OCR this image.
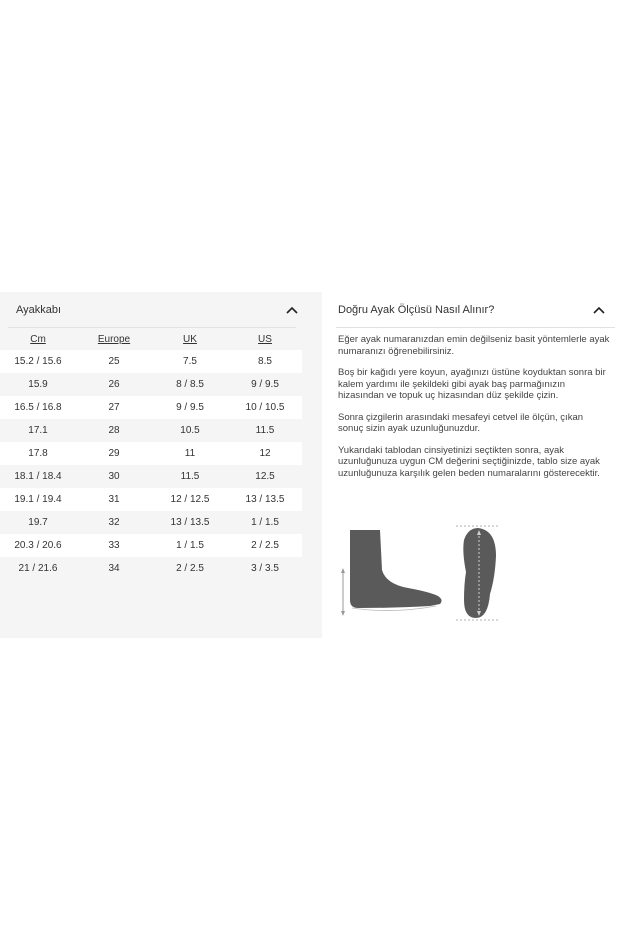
Ayakkabı
Cm	Europe	UK	US
15.2 / 15.6	25	7.5	8.5
15.9	26	8 / 8.5	9 / 9.5
16.5 / 16.8	27	9 / 9.5	10 / 10.5
17.1	28	10.5	11.5
17.8	29	11	12
18.1 / 18.4	30	11.5	12.5
19.1 / 19.4	31	12 / 12.5	13 / 13.5
19.7	32	13 / 13.5	1 / 1.5
20.3 / 20.6	33	1 / 1.5	2 / 2.5
21 / 21.6	34	2 / 2.5	3 / 3.5
Doğru Ayak Ölçüsü Nasıl Alınır?

Eğer ayak numaranızdan emin değilseniz basit yöntemlerle ayak numaranızı öğrenebilirsiniz.

Boş bir kağıdı yere koyun, ayağınızı üstüne koyduktan sonra bir kalem yardımı ile şekildeki gibi ayak baş parmağınızın hizasından ve topuk uç hizasından düz şekilde çizin.

Sonra çizgilerin arasındaki mesafeyi cetvel ile ölçün, çıkan sonuç sizin ayak uzunluğunuzdur.

Yukarıdaki tablodan cinsiyetinizi seçtikten sonra, ayak uzunluğunuza uygun CM değerini seçtiğinizde, tablo size ayak uzunluğunuza karşılık gelen beden numaralarını gösterecektir.
